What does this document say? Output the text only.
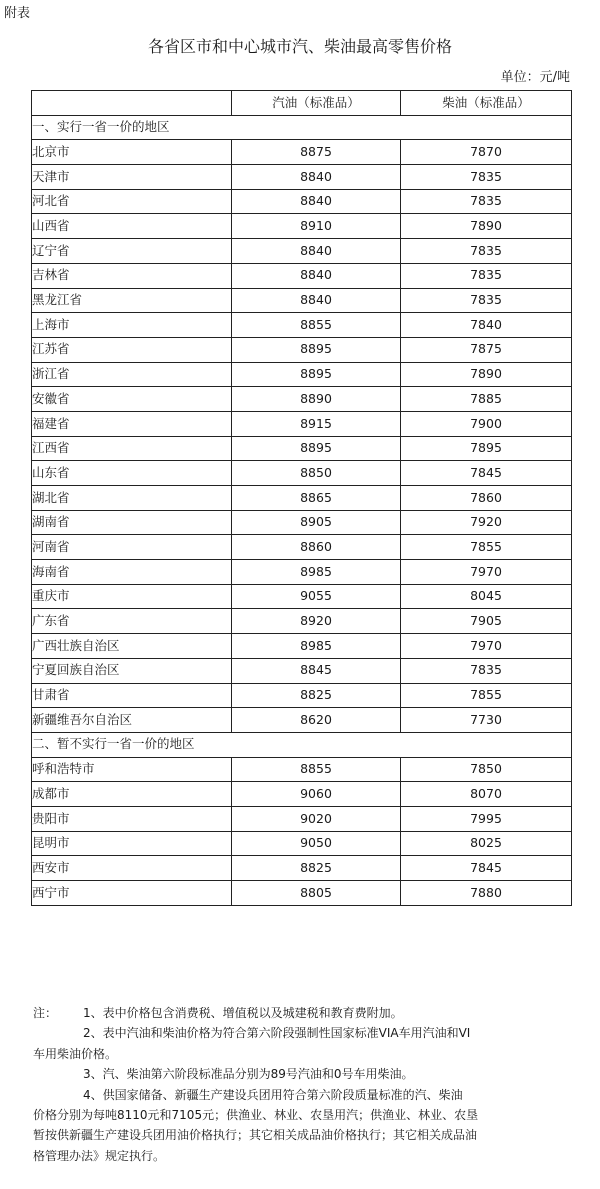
附表
各省区市和中心城市汽、柴油最高零售价格
单位：元/吨
	汽油（标准品）	柴油（标准品）
一、实行一省一价的地区		
北京市	8875	7870
天津市	8840	7835
河北省	8840	7835
山西省	8910	7890
辽宁省	8840	7835
吉林省	8840	7835
黑龙江省	8840	7835
上海市	8855	7840
江苏省	8895	7875
浙江省	8895	7890
安徽省	8890	7885
福建省	8915	7900
江西省	8895	7895
山东省	8850	7845
湖北省	8865	7860
湖南省	8905	7920
河南省	8860	7855
海南省	8985	7970
重庆市	9055	8045
广东省	8920	7905
广西壮族自治区	8985	7970
宁夏回族自治区	8845	7835
甘肃省	8825	7855
新疆维吾尔自治区	8620	7730
二、暂不实行一省一价的地区		
呼和浩特市	8855	7850
成都市	9060	8070
贵阳市	9020	7995
昆明市	9050	8025
西安市	8825	7845
西宁市	8805	7880

注： 1、表中价格包含消费税、增值税以及城建税和教育费附加。

2、表中汽油和柴油价格为符合第六阶段强制性国家标准VIA车用汽油和VI

车用柴油价格。

3、汽、柴油第六阶段标准品分别为89号汽油和0号车用柴油。

4、供国家储备、新疆生产建设兵团用符合第六阶段质量标准的汽、柴油

价格分别为每吨8110元和7105元；供渔业、林业、农垦用汽；供渔业、林业、农垦

暂按供新疆生产建设兵团用油价格执行；其它相关成品油价格执行；其它相关成品油

格管理办法》规定执行。
